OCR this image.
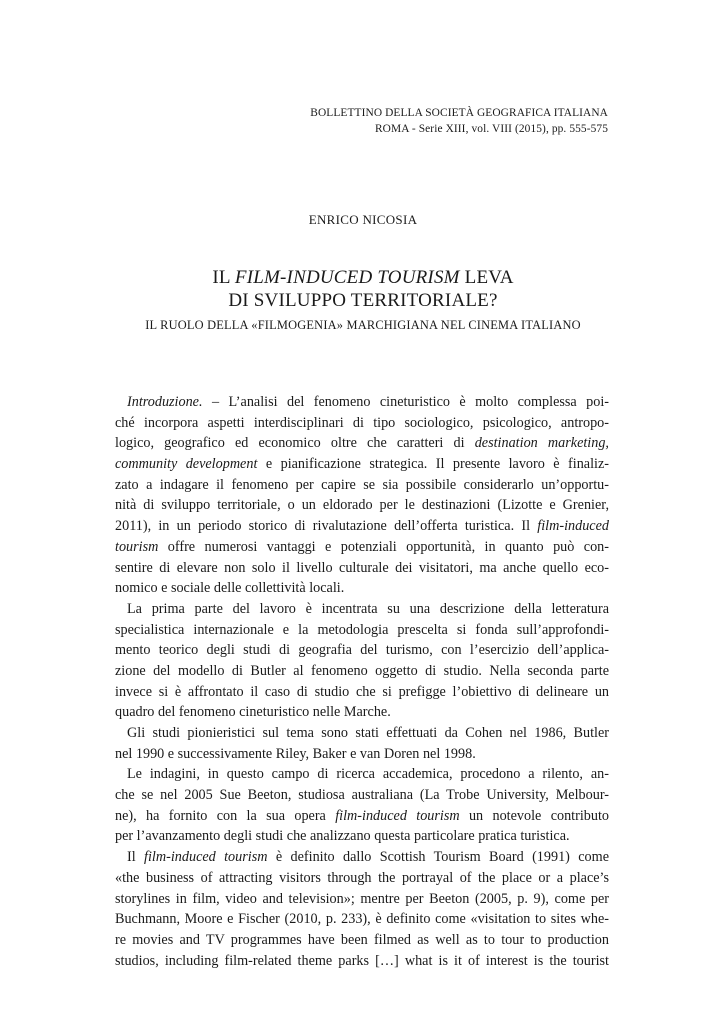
BOLLETTINO DELLA SOCIETÀ GEOGRAFICA ITALIANA
ROMA - Serie XIII, vol. VIII (2015), pp. 555-575
ENRICO NICOSIA
IL FILM-INDUCED TOURISM LEVA
DI SVILUPPO TERRITORIALE?
IL RUOLO DELLA «FILMOGENIA» MARCHIGIANA NEL CINEMA ITALIANO
Introduzione. – L’analisi del fenomeno cineturistico è molto complessa poi-
ché incorpora aspetti interdisciplinari di tipo sociologico, psicologico, antropo-
logico, geografico ed economico oltre che caratteri di destination marketing,
community development e pianificazione strategica. Il presente lavoro è finaliz-
zato a indagare il fenomeno per capire se sia possibile considerarlo un’opportu-
nità di sviluppo territoriale, o un eldorado per le destinazioni (Lizotte e Grenier,
2011), in un periodo storico di rivalutazione dell’offerta turistica. Il film-induced
tourism offre numerosi vantaggi e potenziali opportunità, in quanto può con-
sentire di elevare non solo il livello culturale dei visitatori, ma anche quello eco-
nomico e sociale delle collettività locali.
La prima parte del lavoro è incentrata su una descrizione della letteratura
specialistica internazionale e la metodologia prescelta si fonda sull’approfondi-
mento teorico degli studi di geografia del turismo, con l’esercizio dell’applica-
zione del modello di Butler al fenomeno oggetto di studio. Nella seconda parte
invece si è affrontato il caso di studio che si prefigge l’obiettivo di delineare un
quadro del fenomeno cineturistico nelle Marche.
Gli studi pionieristici sul tema sono stati effettuati da Cohen nel 1986, Butler
nel 1990 e successivamente Riley, Baker e van Doren nel 1998.
Le indagini, in questo campo di ricerca accademica, procedono a rilento, an-
che se nel 2005 Sue Beeton, studiosa australiana (La Trobe University, Melbour-
ne), ha fornito con la sua opera film-induced tourism un notevole contributo
per l’avanzamento degli studi che analizzano questa particolare pratica turistica.
Il film-induced tourism è definito dallo Scottish Tourism Board (1991) come
«the business of attracting visitors through the portrayal of the place or a place’s
storylines in film, video and television»; mentre per Beeton (2005, p. 9), come per
Buchmann, Moore e Fischer (2010, p. 233), è definito come «visitation to sites whe-
re movies and TV programmes have been filmed as well as to tour to production
studios, including film-related theme parks […] what is it of interest is the tourist
